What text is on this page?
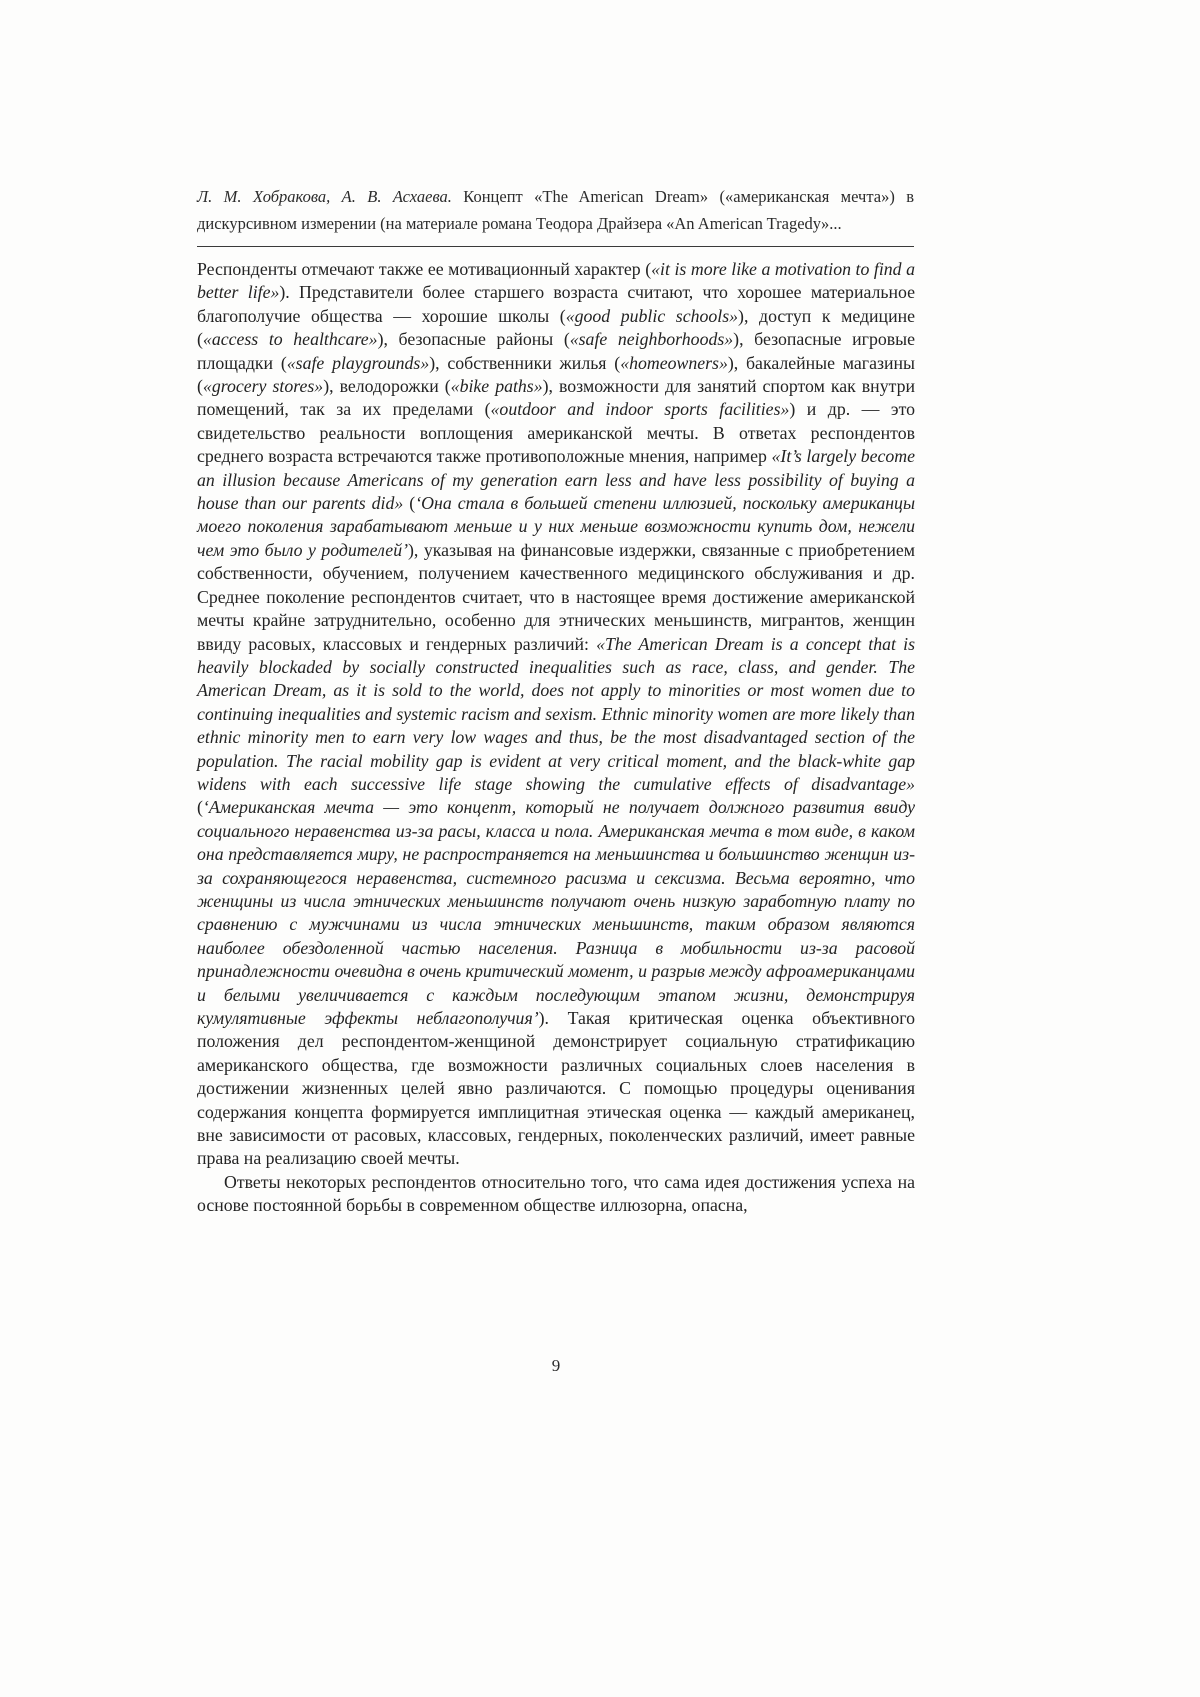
Л. М. Хобракова, А. В. Асхаева. Концепт «The American Dream» («американская мечта») в дискурсивном измерении (на материале романа Теодора Драйзера «An American Tragedy»...

Респонденты отмечают также ее мотивационный характер («it is more like a motivation to find a better life»). Представители более старшего возраста считают, что хорошее материальное благополучие общества — хорошие школы («good public schools»), доступ к медицине («access to healthcare»), безопасные районы («safe neighborhoods»), безопасные игровые площадки («safe playgrounds»), собственники жилья («homeowners»), бакалейные магазины («grocery stores»), велодорожки («bike paths»), возможности для занятий спортом как внутри помещений, так за их пределами («outdoor and indoor sports facilities») и др. — это свидетельство реальности воплощения американской мечты. В ответах респондентов среднего возраста встречаются также противоположные мнения, например «It’s largely become an illusion because Americans of my generation earn less and have less possibility of buying a house than our parents did» (‘Она стала в большей степени иллюзией, поскольку американцы моего поколения зарабатывают меньше и у них меньше возможности купить дом, нежели чем это было у родителей’), указывая на финансовые издержки, связанные с приобретением собственности, обучением, получением качественного медицинского обслуживания и др. Среднее поколение респондентов считает, что в настоящее время достижение американской мечты крайне затруднительно, особенно для этнических меньшинств, мигрантов, женщин ввиду расовых, классовых и гендерных различий: «The American Dream is a concept that is heavily blockaded by socially constructed inequalities such as race, class, and gender. The American Dream, as it is sold to the world, does not apply to minorities or most women due to continuing inequalities and systemic racism and sexism. Ethnic minority women are more likely than ethnic minority men to earn very low wages and thus, be the most disadvantaged section of the population. The racial mobility gap is evident at very critical moment, and the black-white gap widens with each successive life stage showing the cumulative effects of disadvantage» (‘Американская мечта — это концепт, который не получает должного развития ввиду социального неравенства из-за расы, класса и пола. Американская мечта в том виде, в каком она представляется миру, не распространяется на меньшинства и большинство женщин из-за сохраняющегося неравенства, системного расизма и сексизма. Весьма вероятно, что женщины из числа этнических меньшинств получают очень низкую заработную плату по сравнению с мужчинами из числа этнических меньшинств, таким образом являются наиболее обездоленной частью населения. Разница в мобильности из-за расовой принадлежности очевидна в очень критический момент, и разрыв между афроамериканцами и белыми увеличивается с каждым последующим этапом жизни, демонстрируя кумулятивные эффекты неблагополучия’). Такая критическая оценка объективного положения дел респондентом-женщиной демонстрирует социальную стратификацию американского общества, где возможности различных социальных слоев населения в достижении жизненных целей явно различаются. С помощью процедуры оценивания содержания концепта формируется имплицитная этическая оценка — каждый американец, вне зависимости от расовых, классовых, гендерных, поколенческих различий, имеет равные права на реализацию своей мечты.

Ответы некоторых респондентов относительно того, что сама идея достижения успеха на основе постоянной борьбы в современном обществе иллюзорна, опасна,

9
